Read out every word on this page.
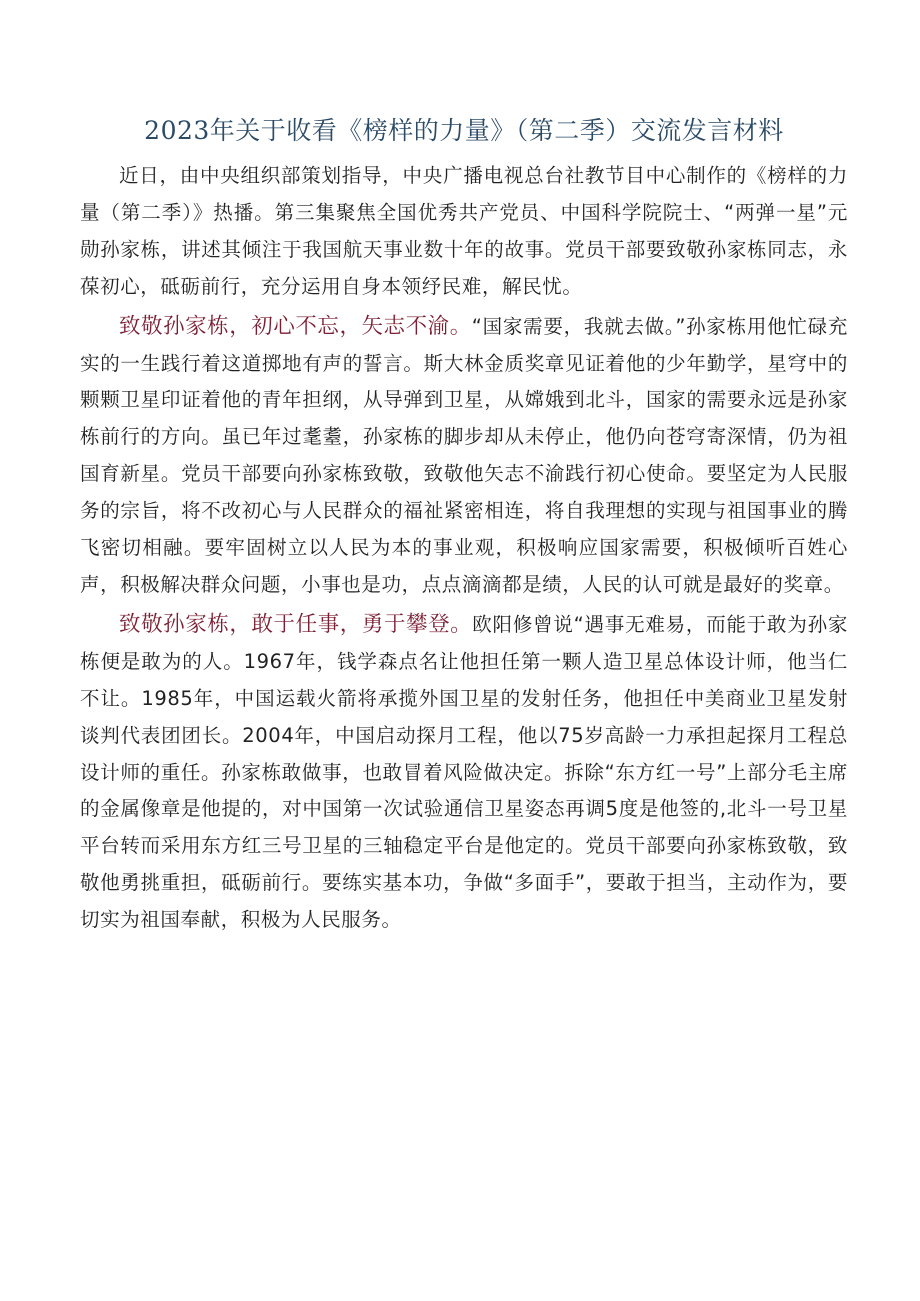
2023年关于收看《榜样的力量》（第二季）交流发言材料

近日，由中央组织部策划指导，中央广播电视总台社教节目中心制作的《榜样的力量（第二季）》热播。第三集聚焦全国优秀共产党员、中国科学院院士、“两弹一星”元勋孙家栋，讲述其倾注于我国航天事业数十年的故事。党员干部要致敬孙家栋同志，永葆初心，砥砺前行，充分运用自身本领纾民难，解民忧。

致敬孙家栋，初心不忘，矢志不渝。“国家需要，我就去做。”孙家栋用他忙碌充实的一生践行着这道掷地有声的誓言。斯大林金质奖章见证着他的少年勤学，星穹中的颗颗卫星印证着他的青年担纲，从导弹到卫星，从嫦娥到北斗，国家的需要永远是孙家栋前行的方向。虽已年过耄耋，孙家栋的脚步却从未停止，他仍向苍穹寄深情，仍为祖国育新星。党员干部要向孙家栋致敬，致敬他矢志不渝践行初心使命。要坚定为人民服务的宗旨，将不改初心与人民群众的福祉紧密相连，将自我理想的实现与祖国事业的腾飞密切相融。要牢固树立以人民为本的事业观，积极响应国家需要，积极倾听百姓心声，积极解决群众问题，小事也是功，点点滴滴都是绩，人民的认可就是最好的奖章。

致敬孙家栋，敢于任事，勇于攀登。欧阳修曾说“遇事无难易，而能于敢为孙家栋便是敢为的人。1967年，钱学森点名让他担任第一颗人造卫星总体设计师，他当仁不让。1985年，中国运载火箭将承揽外国卫星的发射任务，他担任中美商业卫星发射谈判代表团团长。2004年，中国启动探月工程，他以75岁高龄一力承担起探月工程总设计师的重任。孙家栋敢做事，也敢冒着风险做决定。拆除“东方红一号”上部分毛主席的金属像章是他提的，对中国第一次试验通信卫星姿态再调5度是他签的,北斗一号卫星平台转而采用东方红三号卫星的三轴稳定平台是他定的。党员干部要向孙家栋致敬，致敬他勇挑重担，砥砺前行。要练实基本功，争做“多面手”，要敢于担当，主动作为，要切实为祖国奉献，积极为人民服务。
